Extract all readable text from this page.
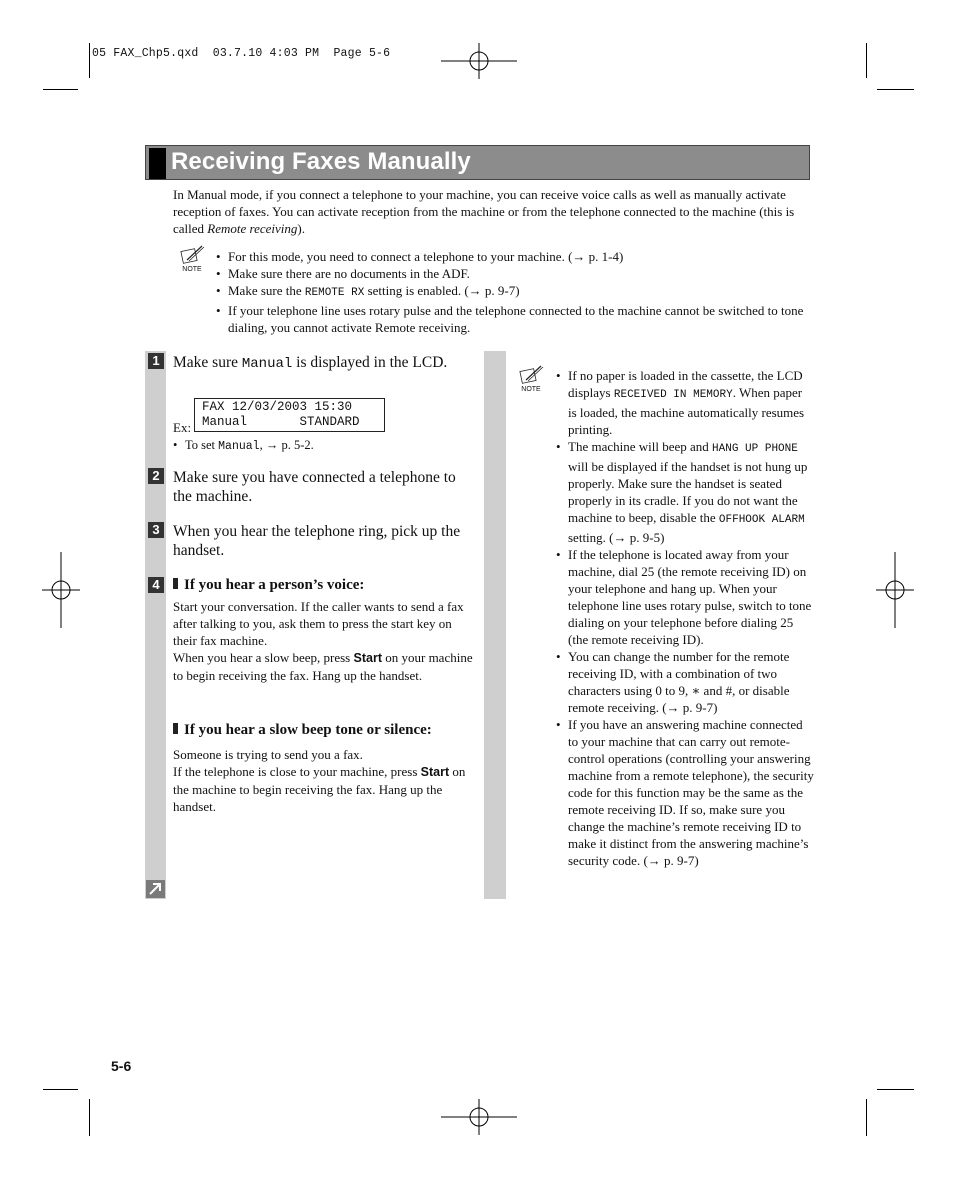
05 FAX_Chp5.qxd  03.7.10 4:03 PM  Page 5-6
Receiving Faxes Manually
In Manual mode, if you connect a telephone to your machine, you can receive voice calls as well as manually activate reception of faxes. You can activate reception from the machine or from the telephone connected to the machine (this is called Remote receiving).
NOTE
• For this mode, you need to connect a telephone to your machine. (→ p. 1-4)
• Make sure there are no documents in the ADF.
• Make sure the REMOTE RX setting is enabled. (→ p. 9-7)
• If your telephone line uses rotary pulse and the telephone connected to the machine cannot be switched to tone dialing, you cannot activate Remote receiving.
1 Make sure Manual is displayed in the LCD.
Ex:
FAX 12/03/2003 15:30
Manual       STANDARD
• To set Manual, → p. 5-2.
2 Make sure you have connected a telephone to the machine.
3 When you hear the telephone ring, pick up the handset.
4	If you hear a person’s voice:
Start your conversation. If the caller wants to send a fax after talking to you, ask them to press the start key on their fax machine.
When you hear a slow beep, press Start on your machine to begin receiving the fax. Hang up the handset.
If you hear a slow beep tone or silence:
Someone is trying to send you a fax.
If the telephone is close to your machine, press Start on the machine to begin receiving the fax. Hang up the handset.
NOTE
• If no paper is loaded in the cassette, the LCD displays RECEIVED IN MEMORY. When paper is loaded, the machine automatically resumes printing.
• The machine will beep and HANG UP PHONE will be displayed if the handset is not hung up properly. Make sure the handset is seated properly in its cradle. If you do not want the machine to beep, disable the OFFHOOK ALARM setting. (→ p. 9-5)
• If the telephone is located away from your machine, dial 25 (the remote receiving ID) on your telephone and hang up. When your telephone line uses rotary pulse, switch to tone dialing on your telephone before dialing 25 (the remote receiving ID).
• You can change the number for the remote receiving ID, with a combination of two characters using 0 to 9, ∗ and #, or disable remote receiving. (→ p. 9-7)
• If you have an answering machine connected to your machine that can carry out remote-control operations (controlling your answering machine from a remote telephone), the security code for this function may be the same as the remote receiving ID. If so, make sure you change the machine’s remote receiving ID to make it distinct from the answering machine’s security code. (→ p. 9-7)
5-6
